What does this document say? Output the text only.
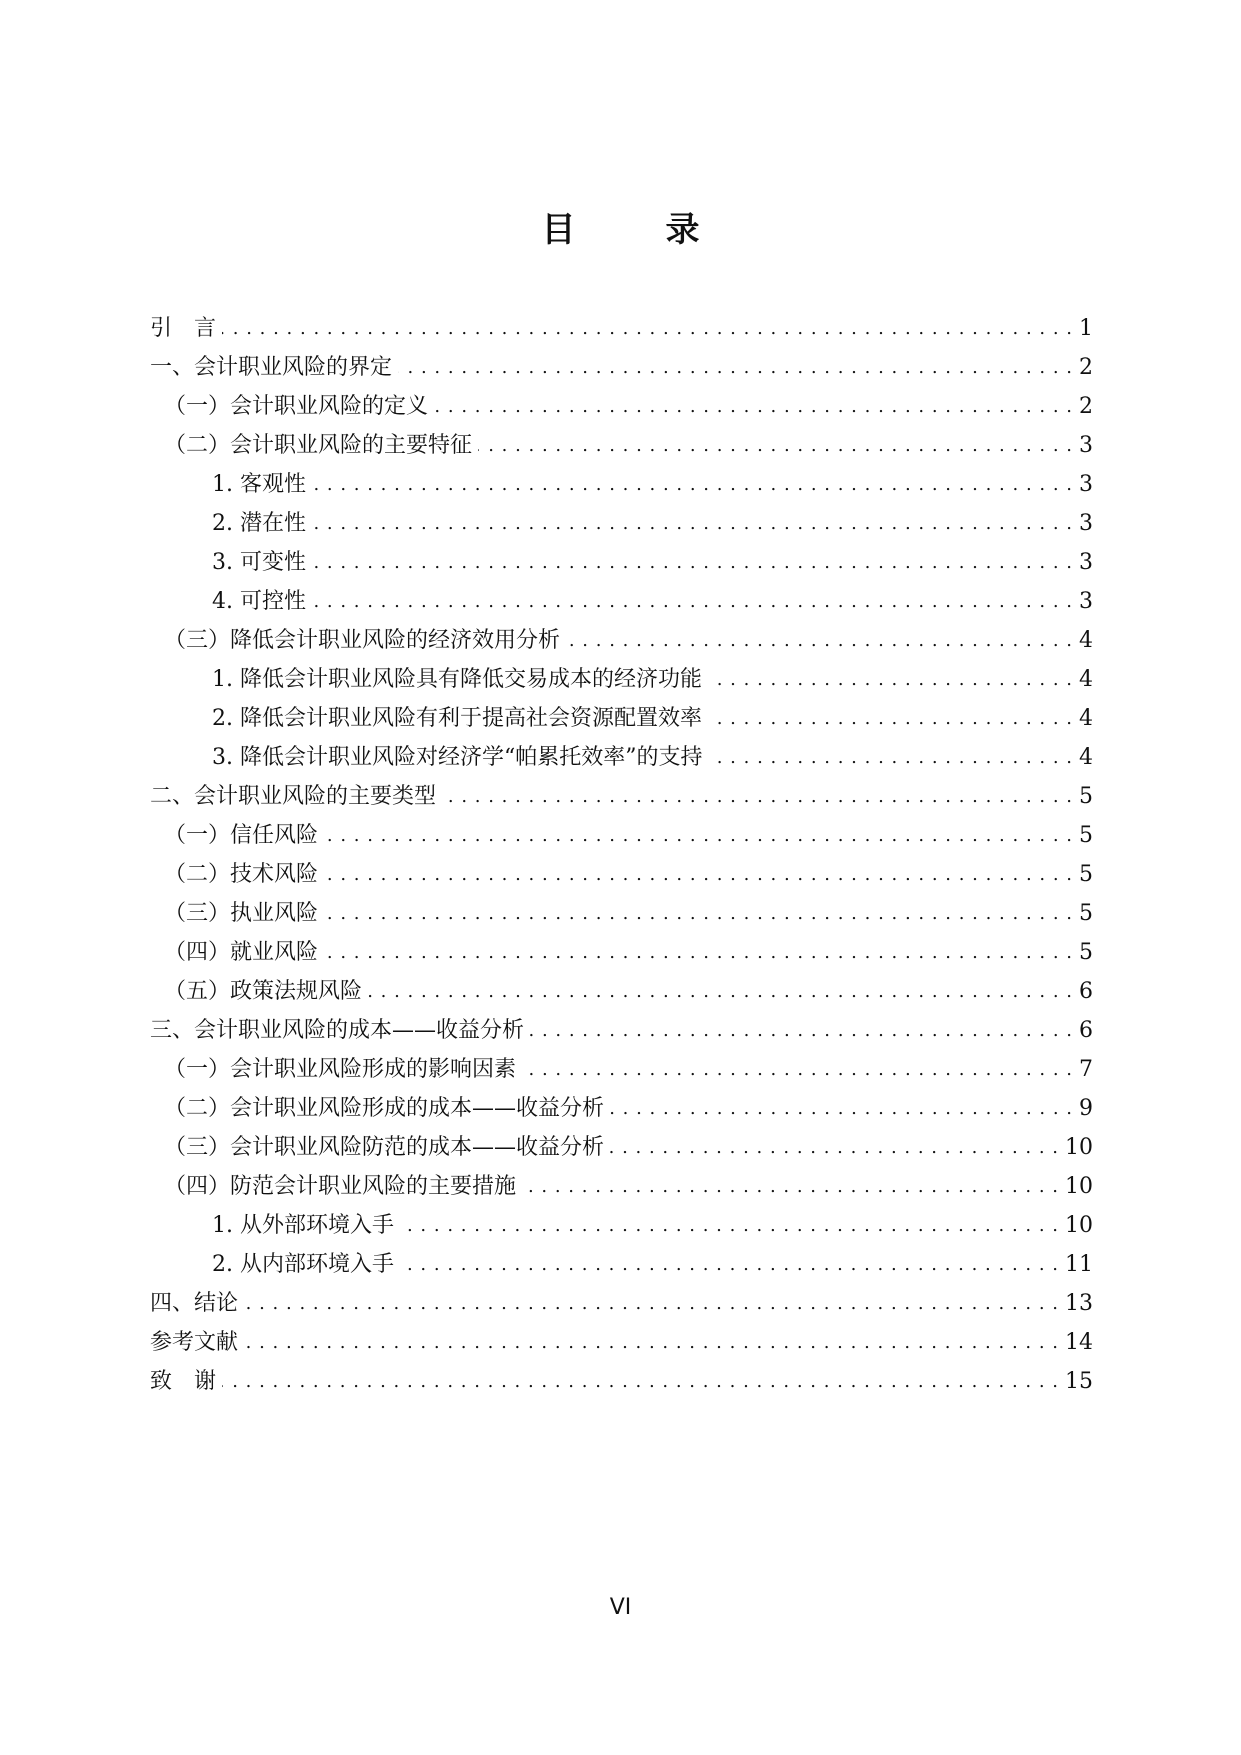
目　录
引　言 . . .	1
一、会计职业风险的界定 . . .	2
（一）会计职业风险的定义 . . .	2
（二）会计职业风险的主要特征 . . .	3
1. 客观性 . . .	3
2. 潜在性 . . .	3
3. 可变性 . . .	3
4. 可控性 . . .	3
（三）降低会计职业风险的经济效用分析 . . .	4
1. 降低会计职业风险具有降低交易成本的经济功能 . . .	4
2. 降低会计职业风险有利于提高社会资源配置效率 . . .	4
3. 降低会计职业风险对经济学“帕累托效率”的支持 . . .	4
二、会计职业风险的主要类型 . . .	5
（一）信任风险 . . .	5
（二）技术风险 . . .	5
（三）执业风险 . . .	5
（四）就业风险 . . .	5
（五）政策法规风险 . . .	6
三、会计职业风险的成本——收益分析 . . .	6
（一）会计职业风险形成的影响因素 . . .	7
（二）会计职业风险形成的成本——收益分析 . . .	9
（三）会计职业风险防范的成本——收益分析 . . .	10
（四）防范会计职业风险的主要措施 . . .	10
1. 从外部环境入手 . . .	10
2. 从内部环境入手 . . .	11
四、结论 . . .	13
参考文献 . . .	14
致　谢 . . .	15
VI
